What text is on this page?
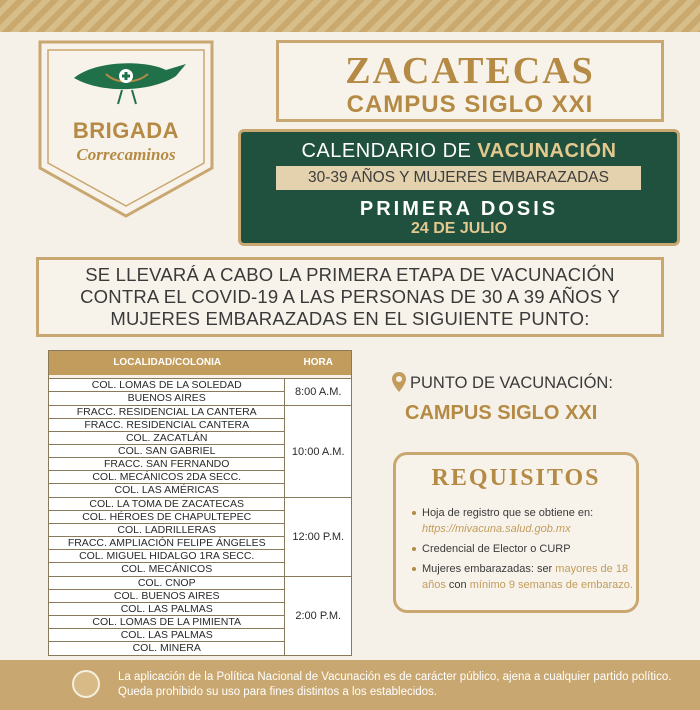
BRIGADA
Correcaminos
ZACATECAS
CAMPUS SIGLO XXI
CALENDARIO DE VACUNACIÓN
30-39 AÑOS Y MUJERES EMBARAZADAS
PRIMERA DOSIS
24 DE JULIO
SE LLEVARÁ A CABO LA PRIMERA ETAPA DE VACUNACIÓN CONTRA EL COVID-19 A LAS PERSONAS DE 30 A 39 AÑOS Y MUJERES EMBARAZADAS EN EL SIGUIENTE PUNTO:
LOCALIDAD/COLONIA	HORA
COL. LOMAS DE LA SOLEDAD
BUENOS AIRES	8:00 A.M.
FRACC. RESIDENCIAL LA CANTERA
FRACC. RESIDENCIAL CANTERA
COL. ZACATLÁN
COL. SAN GABRIEL
FRACC. SAN FERNANDO
COL. MECÁNICOS 2DA SECC.
COL. LAS AMÉRICAS
10:00 A.M.
COL. LA TOMA DE ZACATECAS
COL. HÉROES DE CHAPULTEPEC
COL. LADRILLERAS
FRACC. AMPLIACIÓN FELIPE ÁNGELES
COL. MIGUEL HIDALGO 1RA SECC.
COL. MECÁNICOS
12:00 P.M.
COL. CNOP
COL. BUENOS AIRES
COL. LAS PALMAS
COL. LOMAS DE LA PIMIENTA
COL. LAS PALMAS
COL. MINERA
2:00 P.M.
PUNTO DE VACUNACIÓN:
CAMPUS SIGLO XXI
REQUISITOS
Hoja de registro que se obtiene en: https://mivacuna.salud.gob.mx
Credencial de Elector o CURP
Mujeres embarazadas: ser mayores de 18 años con mínimo 9 semanas de embarazo.
La aplicación de la Política Nacional de Vacunación es de carácter público, ajena a cualquier partido político. Queda prohibido su uso para fines distintos a los establecidos.
